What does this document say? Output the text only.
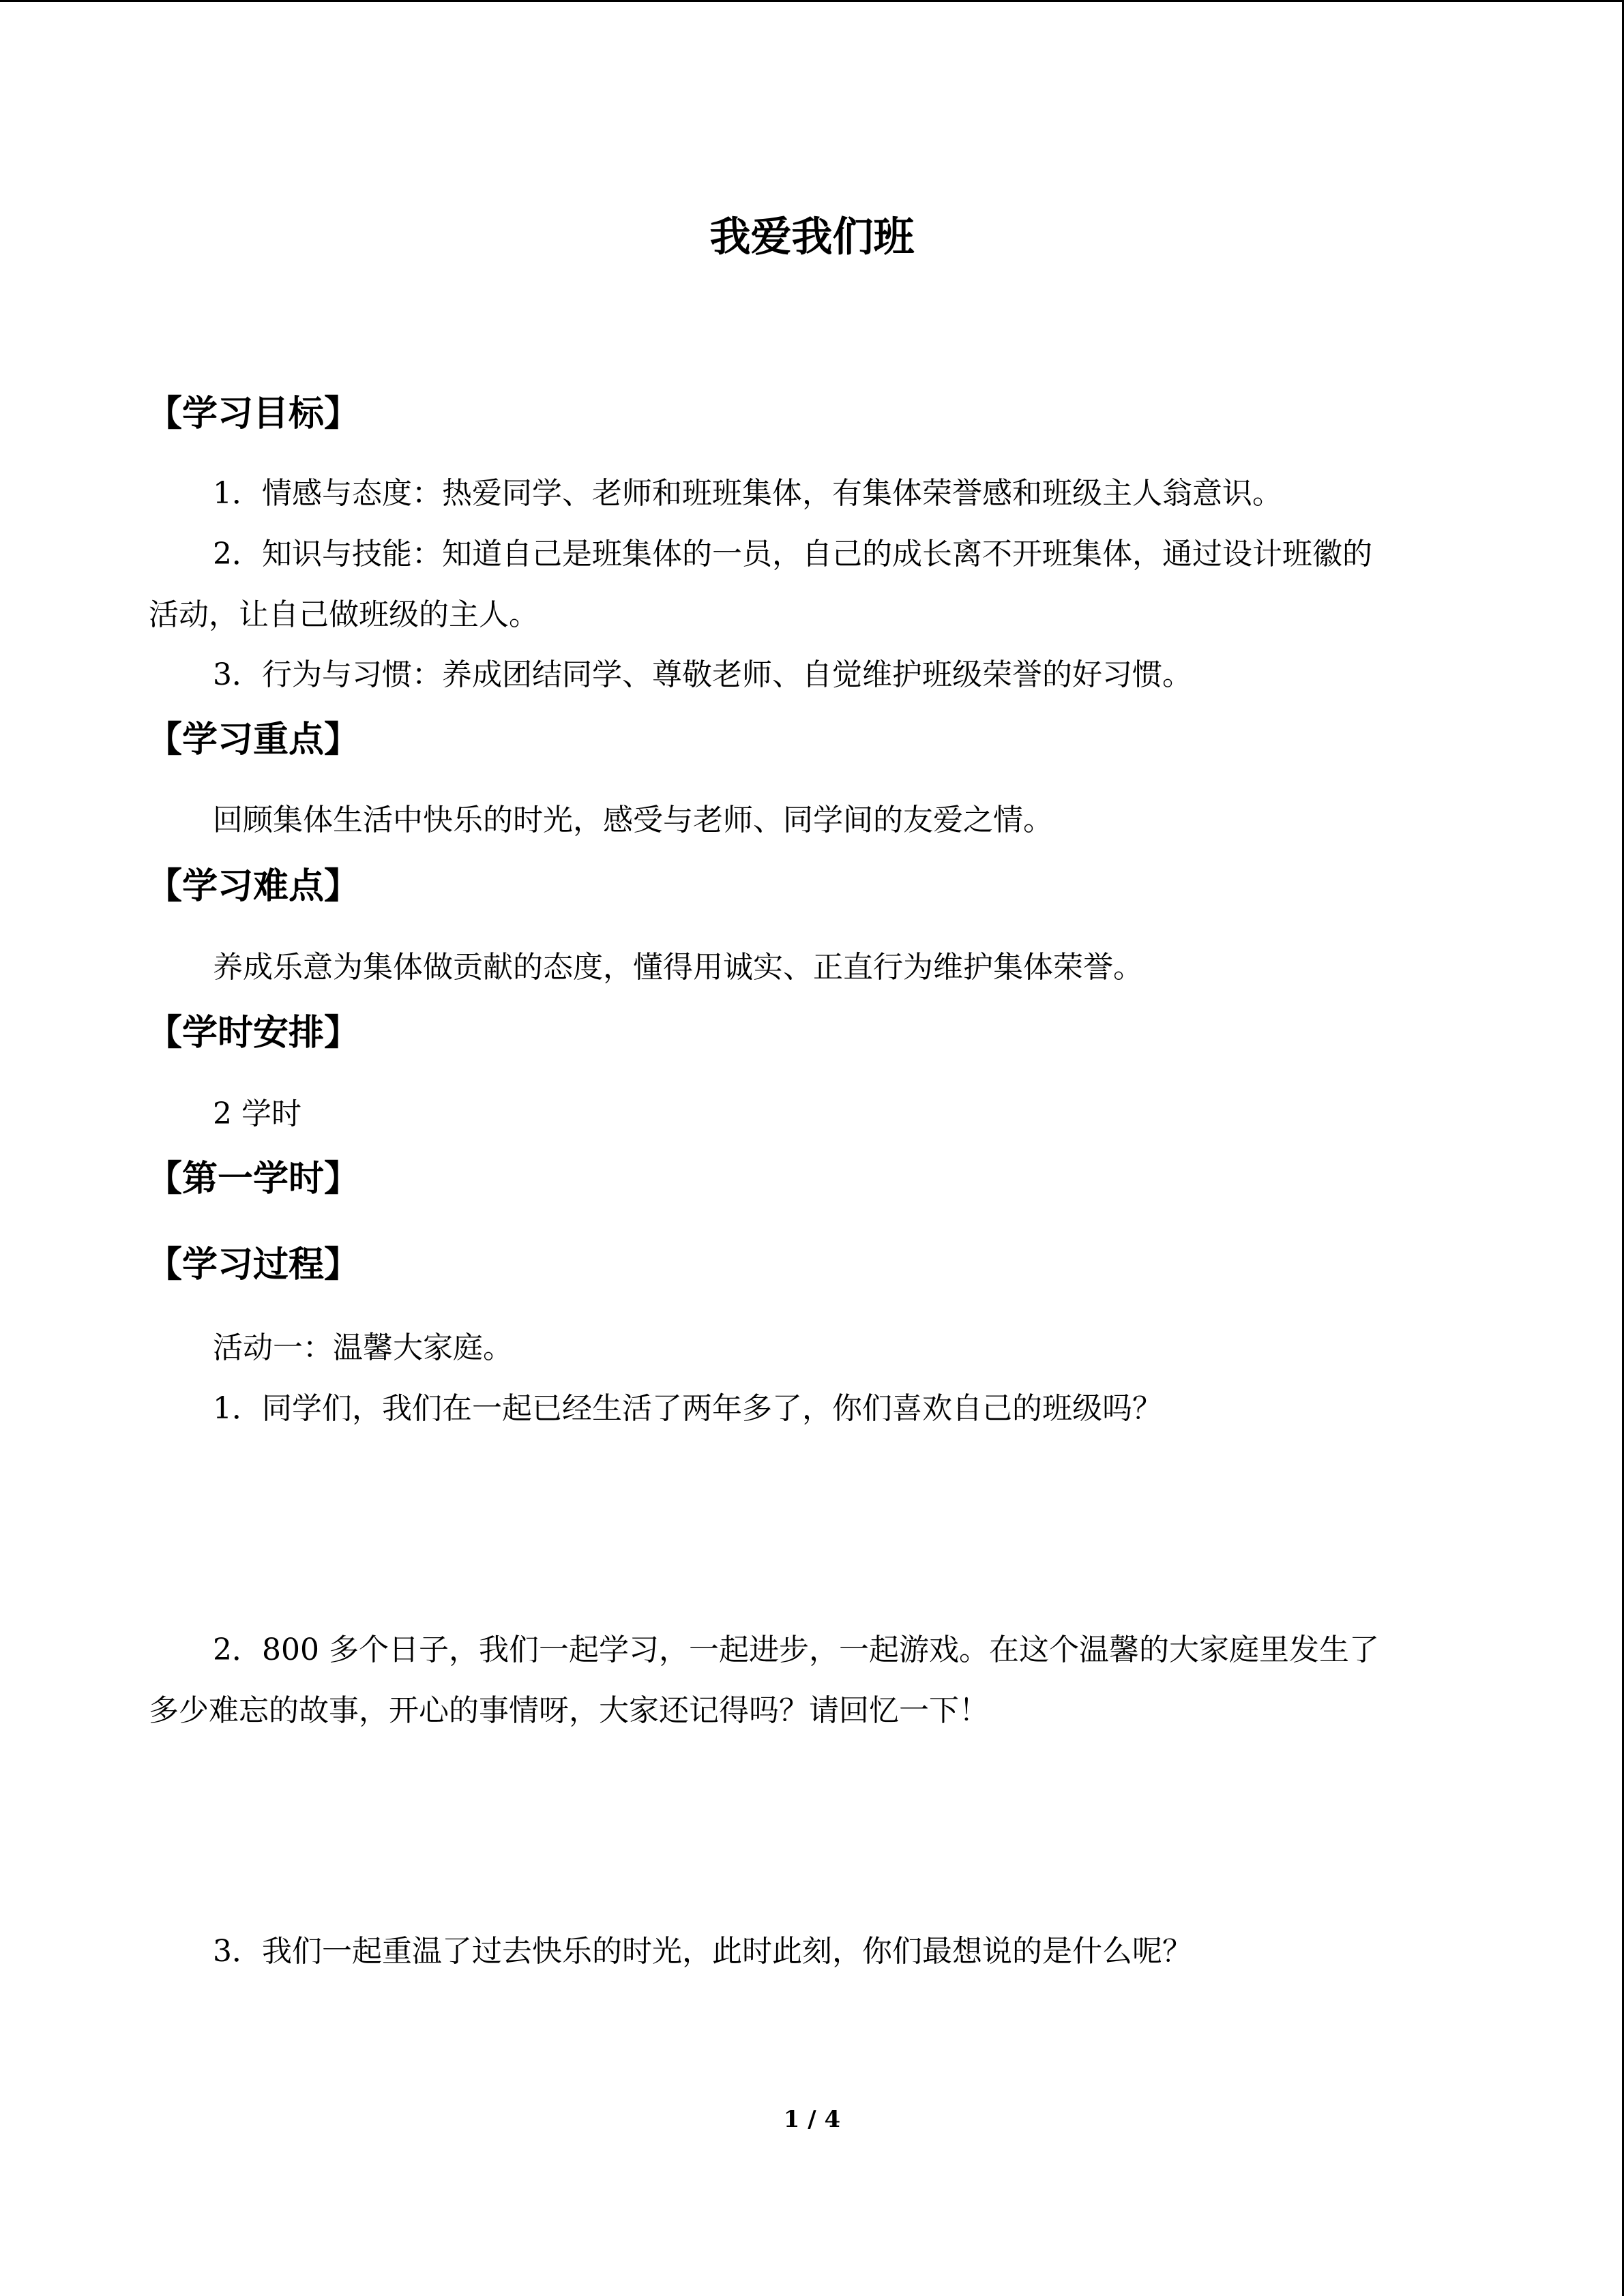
我爱我们班
【学习目标】
1．情感与态度：热爱同学、老师和班班集体，有集体荣誉感和班级主人翁意识。
2．知识与技能：知道自己是班集体的一员，自己的成长离不开班集体，通过设计班徽的
活动，让自己做班级的主人。
3．行为与习惯：养成团结同学、尊敬老师、自觉维护班级荣誉的好习惯。
【学习重点】
回顾集体生活中快乐的时光，感受与老师、同学间的友爱之情。
【学习难点】
养成乐意为集体做贡献的态度，懂得用诚实、正直行为维护集体荣誉。
【学时安排】
2 学时
【第一学时】
【学习过程】
活动一：温馨大家庭。
1．同学们，我们在一起已经生活了两年多了，你们喜欢自己的班级吗？
2．800 多个日子，我们一起学习，一起进步，一起游戏。在这个温馨的大家庭里发生了
多少难忘的故事，开心的事情呀，大家还记得吗？请回忆一下！
3．我们一起重温了过去快乐的时光，此时此刻，你们最想说的是什么呢？
1 / 4
